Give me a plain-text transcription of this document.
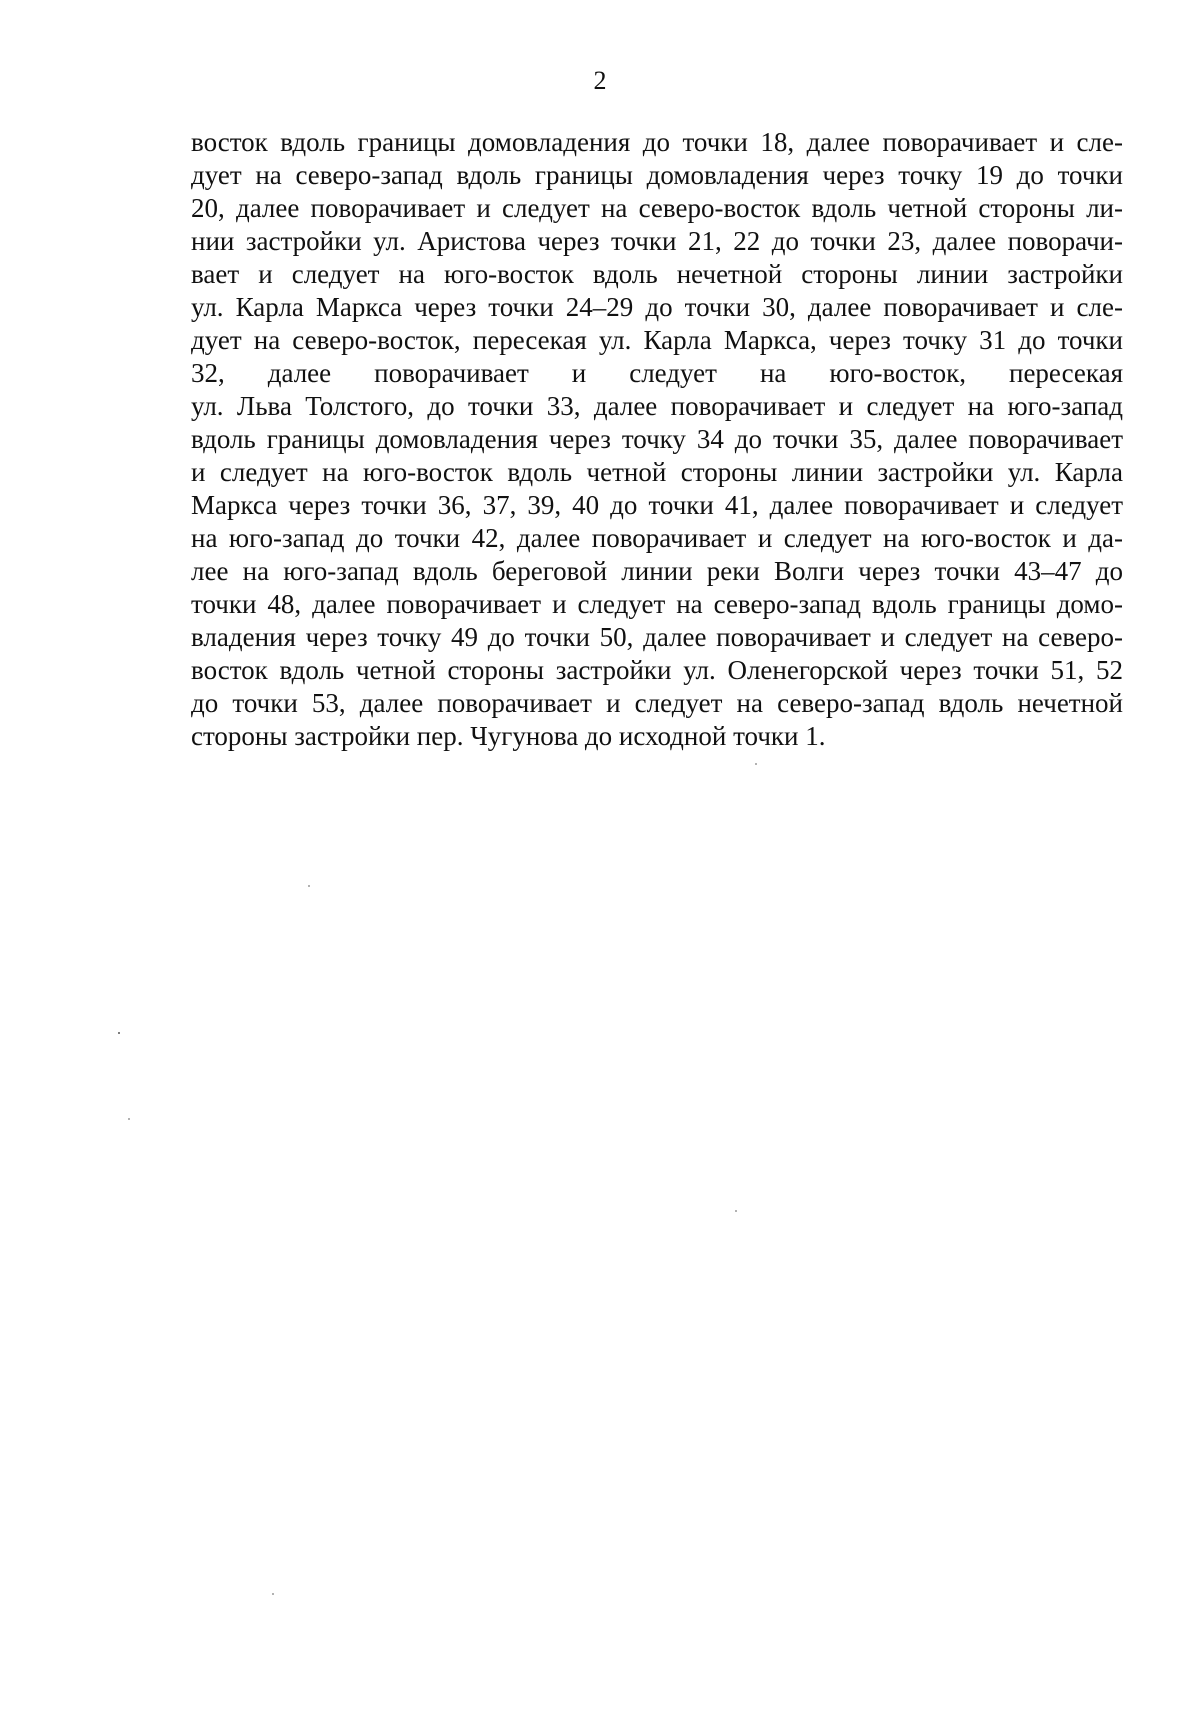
2
восток вдоль границы домовладения до точки 18, далее поворачивает и сле-
дует на северо-запад вдоль границы домовладения через точку 19 до точки
20, далее поворачивает и следует на северо-восток вдоль четной стороны ли-
нии застройки ул. Аристова через точки 21, 22 до точки 23, далее поворачи-
вает и следует на юго-восток вдоль нечетной стороны линии застройки
ул. Карла Маркса через точки 24–29 до точки 30, далее поворачивает и сле-
дует на северо-восток, пересекая ул. Карла Маркса, через точку 31 до точки
32, далее поворачивает и следует на юго-восток, пересекая
ул. Льва Толстого, до точки 33, далее поворачивает и следует на юго-запад
вдоль границы домовладения через точку 34 до точки 35, далее поворачивает
и следует на юго-восток вдоль четной стороны линии застройки ул. Карла
Маркса через точки 36, 37, 39, 40 до точки 41, далее поворачивает и следует
на юго-запад до точки 42, далее поворачивает и следует на юго-восток и да-
лее на юго-запад вдоль береговой линии реки Волги через точки 43–47 до
точки 48, далее поворачивает и следует на северо-запад вдоль границы домо-
владения через точку 49 до точки 50, далее поворачивает и следует на северо-
восток вдоль четной стороны застройки ул. Оленегорской через точки 51, 52
до точки 53, далее поворачивает и следует на северо-запад вдоль нечетной
стороны застройки пер. Чугунова до исходной точки 1.
